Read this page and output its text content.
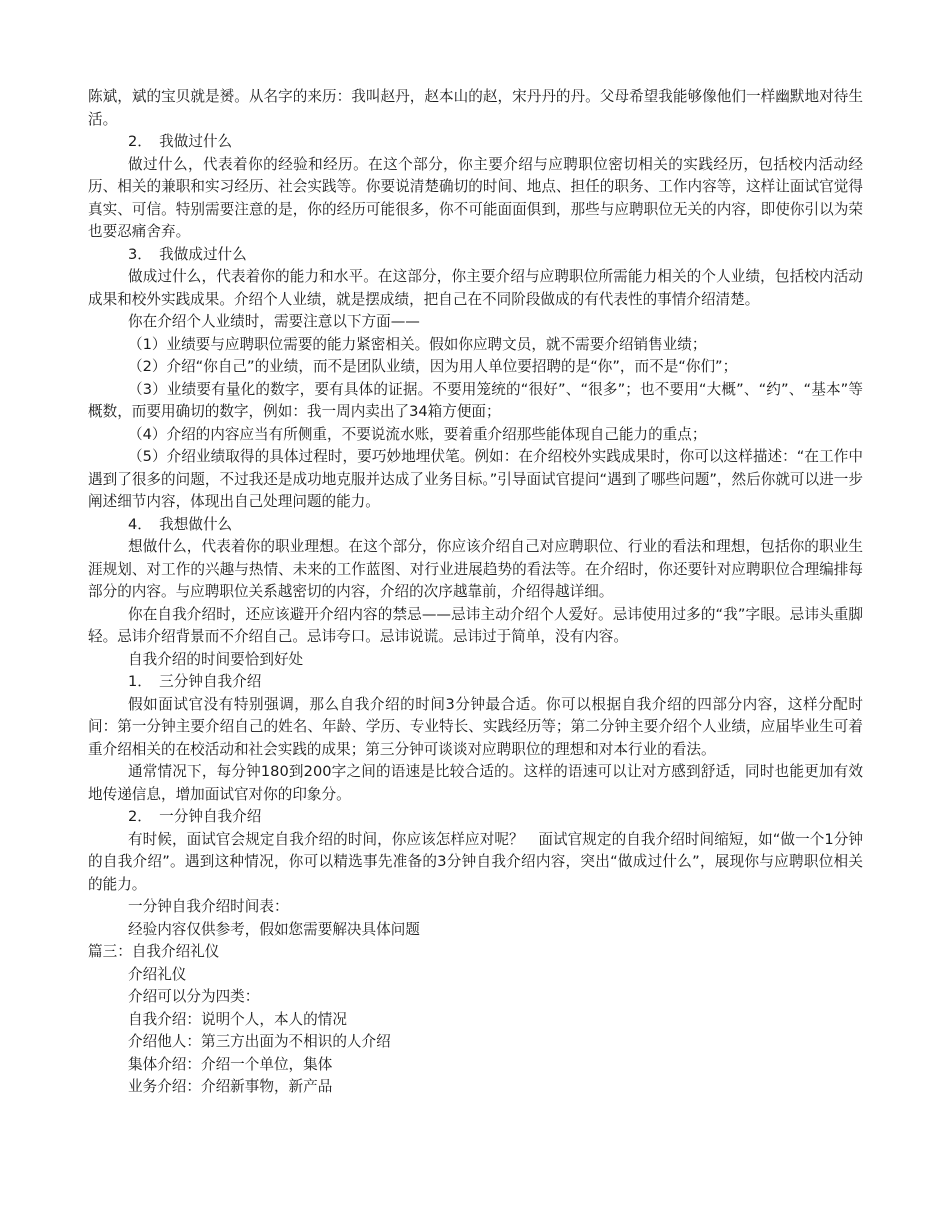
陈斌，斌的宝贝就是赟。从名字的来历：我叫赵丹，赵本山的赵，宋丹丹的丹。父母希望我能够像他们一样幽默地对待生活。

2．　我做过什么

做过什么，代表着你的经验和经历。在这个部分，你主要介绍与应聘职位密切相关的实践经历，包括校内活动经历、相关的兼职和实习经历、社会实践等。你要说清楚确切的时间、地点、担任的职务、工作内容等，这样让面试官觉得真实、可信。特别需要注意的是，你的经历可能很多，你不可能面面俱到，那些与应聘职位无关的内容，即使你引以为荣也要忍痛舍弃。

3．　我做成过什么

做成过什么，代表着你的能力和水平。在这部分，你主要介绍与应聘职位所需能力相关的个人业绩，包括校内活动成果和校外实践成果。介绍个人业绩，就是摆成绩，把自己在不同阶段做成的有代表性的事情介绍清楚。

你在介绍个人业绩时，需要注意以下方面——

（1）业绩要与应聘职位需要的能力紧密相关。假如你应聘文员，就不需要介绍销售业绩；

（2）介绍“你自己”的业绩，而不是团队业绩，因为用人单位要招聘的是“你”，而不是“你们”；

（3）业绩要有量化的数字，要有具体的证据。不要用笼统的“很好”、“很多”；也不要用“大概”、“约”、“基本”等概数，而要用确切的数字，例如：我一周内卖出了34箱方便面；

（4）介绍的内容应当有所侧重，不要说流水账，要着重介绍那些能体现自己能力的重点；

（5）介绍业绩取得的具体过程时，要巧妙地埋伏笔。例如：在介绍校外实践成果时，你可以这样描述：“在工作中遇到了很多的问题，不过我还是成功地克服并达成了业务目标。”引导面试官提问“遇到了哪些问题”，然后你就可以进一步阐述细节内容，体现出自己处理问题的能力。

4．　我想做什么

想做什么，代表着你的职业理想。在这个部分，你应该介绍自己对应聘职位、行业的看法和理想，包括你的职业生涯规划、对工作的兴趣与热情、未来的工作蓝图、对行业进展趋势的看法等。在介绍时，你还要针对应聘职位合理编排每部分的内容。与应聘职位关系越密切的内容，介绍的次序越靠前，介绍得越详细。

你在自我介绍时，还应该避开介绍内容的禁忌——忌讳主动介绍个人爱好。忌讳使用过多的“我”字眼。忌讳头重脚轻。忌讳介绍背景而不介绍自己。忌讳夸口。忌讳说谎。忌讳过于简单，没有内容。

自我介绍的时间要恰到好处

1．　三分钟自我介绍

假如面试官没有特别强调，那么自我介绍的时间3分钟最合适。你可以根据自我介绍的四部分内容，这样分配时间：第一分钟主要介绍自己的姓名、年龄、学历、专业特长、实践经历等；第二分钟主要介绍个人业绩，应届毕业生可着重介绍相关的在校活动和社会实践的成果；第三分钟可谈谈对应聘职位的理想和对本行业的看法。

通常情况下，每分钟180到200字之间的语速是比较合适的。这样的语速可以让对方感到舒适，同时也能更加有效地传递信息，增加面试官对你的印象分。

2．　一分钟自我介绍

有时候，面试官会规定自我介绍的时间，你应该怎样应对呢？　面试官规定的自我介绍时间缩短，如“做一个1分钟的自我介绍”。遇到这种情况，你可以精选事先准备的3分钟自我介绍内容，突出“做成过什么”，展现你与应聘职位相关的能力。

一分钟自我介绍时间表：

经验内容仅供参考，假如您需要解决具体问题

篇三：自我介绍礼仪

介绍礼仪

介绍可以分为四类：

自我介绍：说明个人，本人的情况

介绍他人：第三方出面为不相识的人介绍

集体介绍：介绍一个单位，集体

业务介绍：介绍新事物，新产品
